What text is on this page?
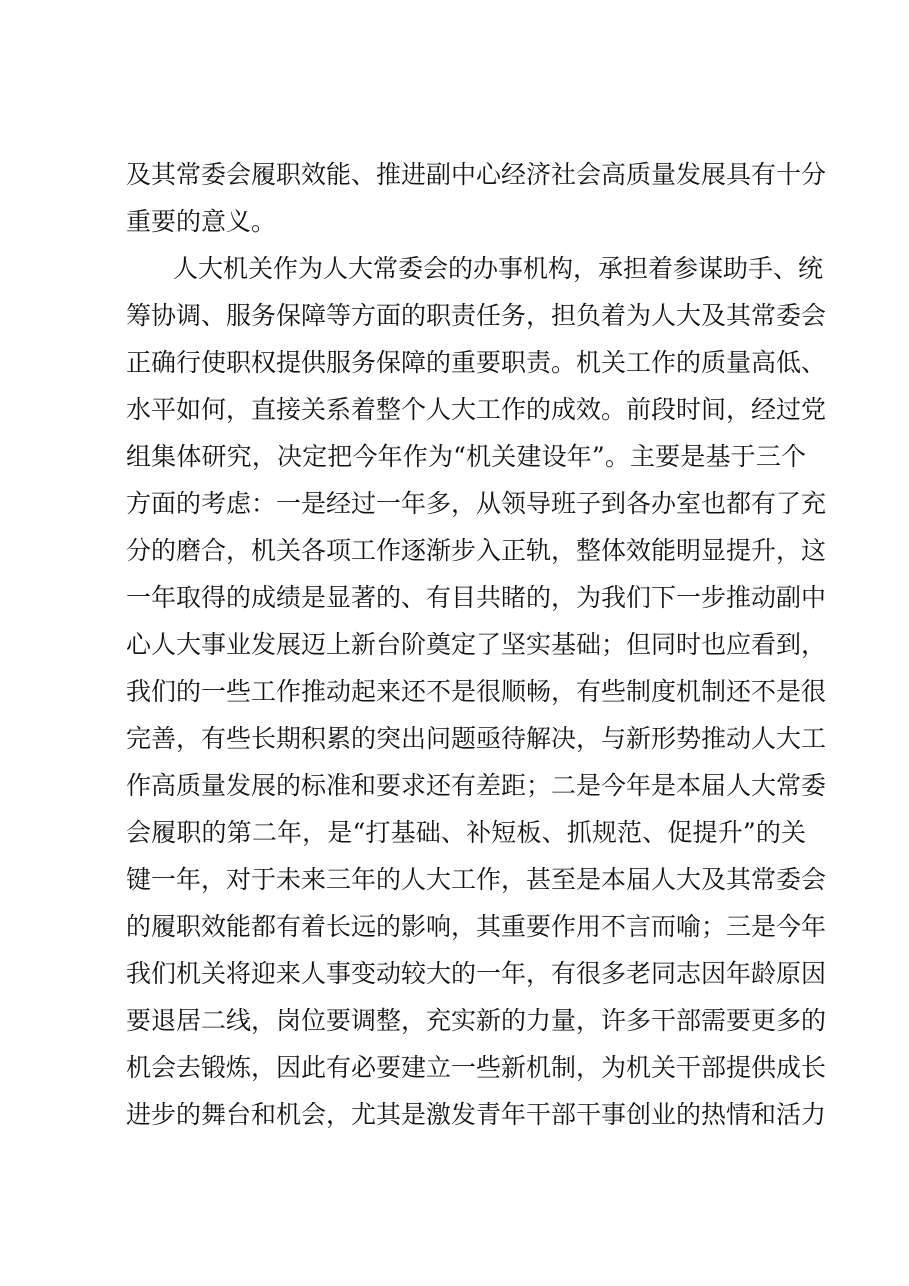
及其常委会履职效能、推进副中心经济社会高质量发展具有十分
重要的意义。
人大机关作为人大常委会的办事机构，承担着参谋助手、统
筹协调、服务保障等方面的职责任务，担负着为人大及其常委会
正确行使职权提供服务保障的重要职责。机关工作的质量高低、
水平如何，直接关系着整个人大工作的成效。前段时间，经过党
组集体研究，决定把今年作为“机关建设年”。主要是基于三个
方面的考虑：一是经过一年多，从领导班子到各办室也都有了充
分的磨合，机关各项工作逐渐步入正轨，整体效能明显提升，这
一年取得的成绩是显著的、有目共睹的，为我们下一步推动副中
心人大事业发展迈上新台阶奠定了坚实基础；但同时也应看到，
我们的一些工作推动起来还不是很顺畅，有些制度机制还不是很
完善，有些长期积累的突出问题亟待解决，与新形势推动人大工
作高质量发展的标准和要求还有差距；二是今年是本届人大常委
会履职的第二年，是“打基础、补短板、抓规范、促提升”的关
键一年，对于未来三年的人大工作，甚至是本届人大及其常委会
的履职效能都有着长远的影响，其重要作用不言而喻；三是今年
我们机关将迎来人事变动较大的一年，有很多老同志因年龄原因
要退居二线，岗位要调整，充实新的力量，许多干部需要更多的
机会去锻炼，因此有必要建立一些新机制，为机关干部提供成长
进步的舞台和机会，尤其是激发青年干部干事创业的热情和活力
